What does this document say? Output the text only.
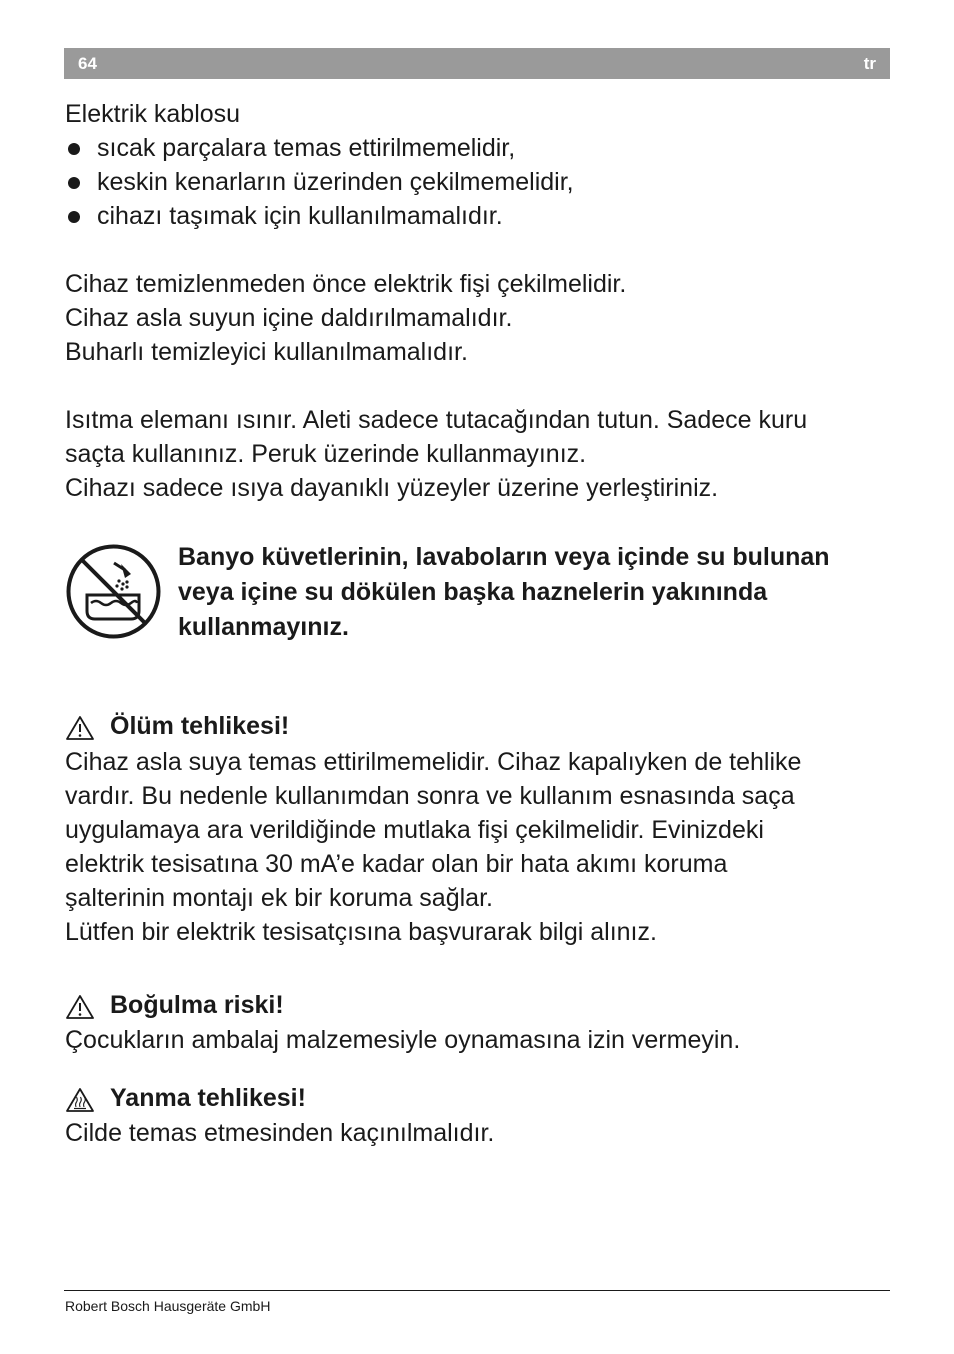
64	tr
Elektrik kablosu
sıcak parçalara temas ettirilmemelidir,
keskin kenarların üzerinden çekilmemelidir,
cihazı taşımak için kullanılmamalıdır.
Cihaz temizlenmeden önce elektrik fişi çekilmelidir.
Cihaz asla suyun içine daldırılmamalıdır.
Buharlı temizleyici kullanılmamalıdır.
Isıtma elemanı ısınır. Aleti sadece tutacağından tutun. Sadece kuru
saçta kullanınız. Peruk üzerinde kullanmayınız.
Cihazı sadece ısıya dayanıklı yüzeyler üzerine yerleştiriniz.
Banyo küvetlerinin, lavaboların veya içinde su bulunan
veya içine su dökülen başka haznelerin yakınında
kullanmayınız.
Ölüm tehlikesi!
Cihaz asla suya temas ettirilmemelidir. Cihaz kapalıyken de tehlike
vardır. Bu nedenle kullanımdan sonra ve kullanım esnasında saça
uygulamaya ara verildiğinde mutlaka fişi çekilmelidir. Evinizdeki
elektrik tesisatına 30 mA’e kadar olan bir hata akımı koruma
şalterinin montajı ek bir koruma sağlar.
Lütfen bir elektrik tesisatçısına başvurarak bilgi alınız.
Boğulma riski!
Çocukların ambalaj malzemesiyle oynamasına izin vermeyin.
Yanma tehlikesi!
Cilde temas etmesinden kaçınılmalıdır.
Robert Bosch Hausgeräte GmbH
